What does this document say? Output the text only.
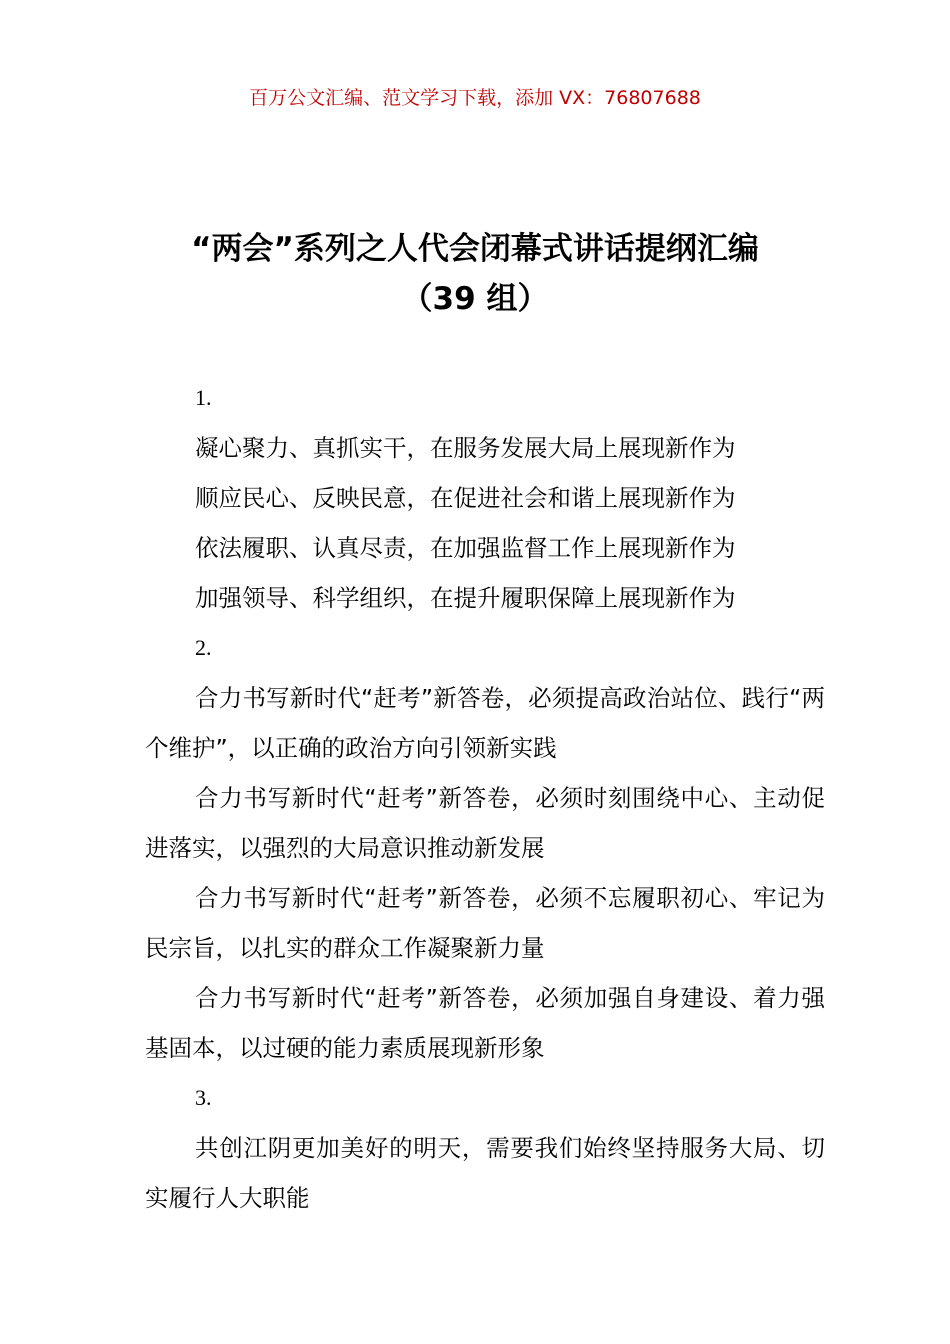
百万公文汇编、范文学习下载，添加 VX：76807688
“两会”系列之人代会闭幕式讲话提纲汇编
（39 组）

1.

凝心聚力、真抓实干，在服务发展大局上展现新作为

顺应民心、反映民意，在促进社会和谐上展现新作为

依法履职、认真尽责，在加强监督工作上展现新作为

加强领导、科学组织，在提升履职保障上展现新作为

2.

合力书写新时代“赶考”新答卷，必须提高政治站位、践行“两个维护”，以正确的政治方向引领新实践

合力书写新时代“赶考”新答卷，必须时刻围绕中心、主动促进落实，以强烈的大局意识推动新发展

合力书写新时代“赶考”新答卷，必须不忘履职初心、牢记为民宗旨，以扎实的群众工作凝聚新力量

合力书写新时代“赶考”新答卷，必须加强自身建设、着力强基固本，以过硬的能力素质展现新形象

3.

共创江阴更加美好的明天，需要我们始终坚持服务大局、切实履行人大职能
